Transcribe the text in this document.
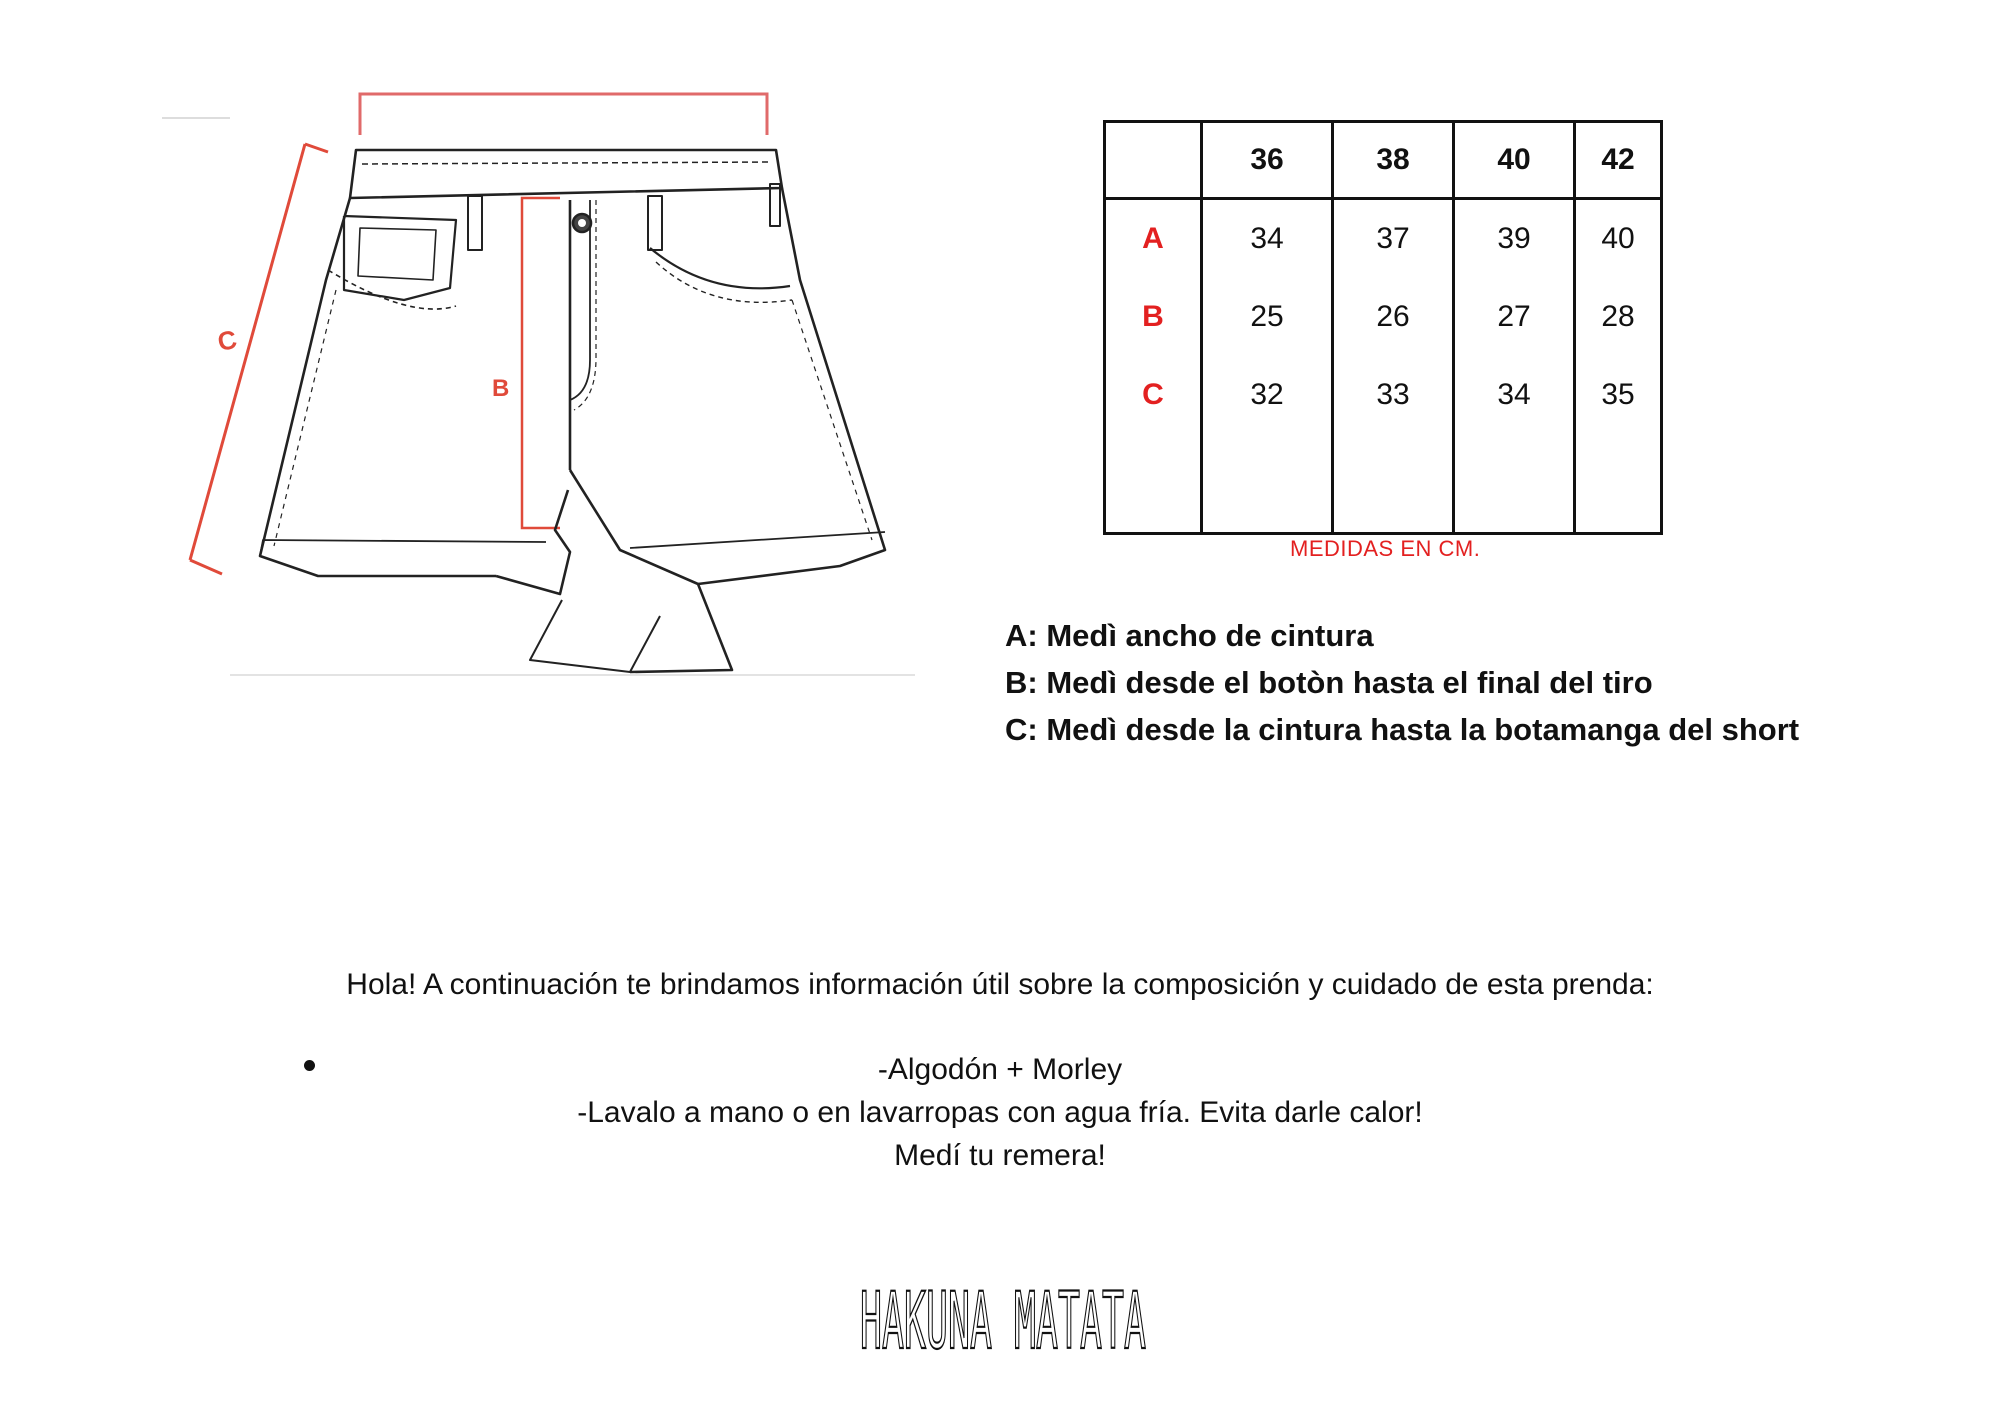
C
B
	36	38	40	42
A	34	37	39	40
B	25	26	27	28
C	32	33	34	35

MEDIDAS EN CM.
A: Medì ancho de cintura
B: Medì desde el botòn hasta el final del tiro
C: Medì desde la cintura hasta la botamanga del short
Hola! A continuación te brindamos información útil sobre la composición y cuidado de esta prenda:
-Algodón + Morley
-Lavalo a mano o en lavarropas con agua fría. Evita darle calor!
Medí tu remera!
HAKUNA MATATA
